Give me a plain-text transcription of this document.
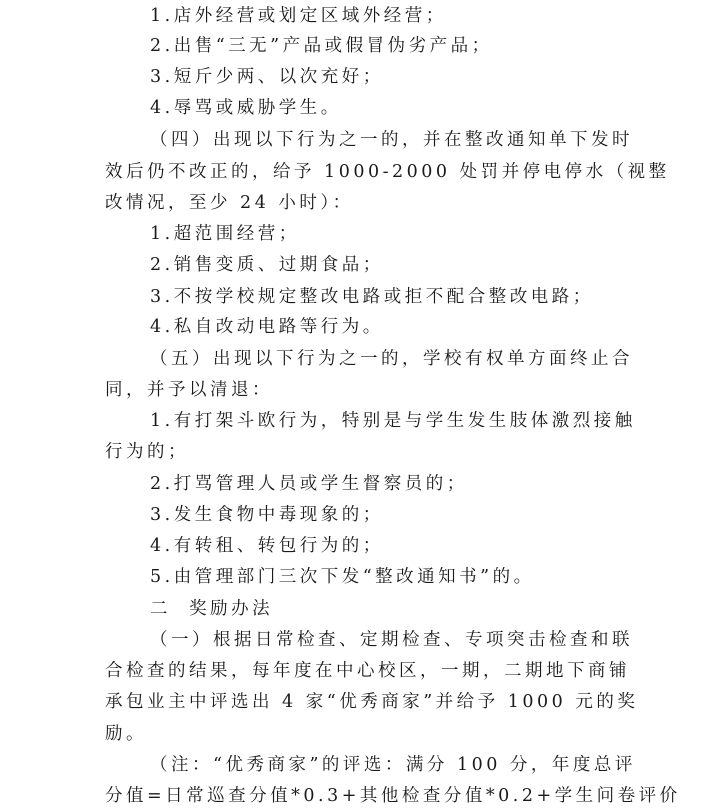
1.店外经营或划定区域外经营；
2.出售“三无”产品或假冒伪劣产品；
3.短斤少两、以次充好；
4.辱骂或威胁学生。
（四）出现以下行为之一的，并在整改通知单下发时
效后仍不改正的，给予 1000-2000 处罚并停电停水（视整
改情况，至少 24 小时）：
1.超范围经营；
2.销售变质、过期食品；
3.不按学校规定整改电路或拒不配合整改电路；
4.私自改动电路等行为。
（五）出现以下行为之一的，学校有权单方面终止合
同，并予以清退：
1.有打架斗欧行为，特别是与学生发生肢体激烈接触
行为的；
2.打骂管理人员或学生督察员的；
3.发生食物中毒现象的；
4.有转租、转包行为的；
5.由管理部门三次下发“整改通知书”的。
二  奖励办法
（一）根据日常检查、定期检查、专项突击检查和联
合检查的结果，每年度在中心校区，一期，二期地下商铺
承包业主中评选出 4 家“优秀商家”并给予 1000 元的奖
励。
（注：“优秀商家”的评选：满分 100 分，年度总评
分值=日常巡查分值*0.3+其他检查分值*0.2+学生问卷评价
